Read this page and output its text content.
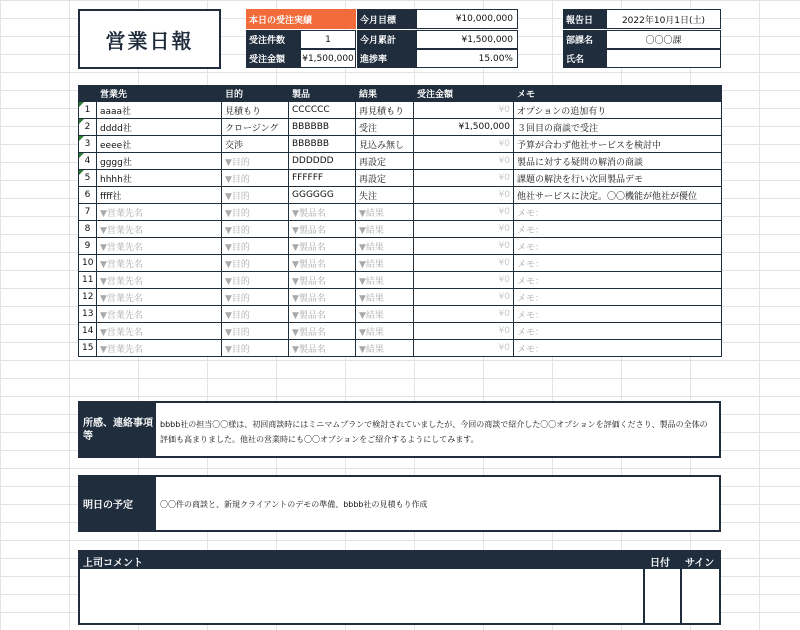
営業日報
本日の受注実績
受注件数	1
受注金額	¥1,500,000
今月目標	¥10,000,000
今月累計	¥1,500,000
進捗率	15.00%
報告日	2022年10月1日(土)
部課名	〇〇〇課
氏名
	営業先	目的	製品	結果	受注金額	メモ
1	aaaa社	見積もり	CCCCCC	再見積もり	¥0	オプションの追加有り
2	dddd社	クロージング	BBBBBB	受注	¥1,500,000	３回目の商談で受注
3	eeee社	交渉	BBBBBB	見込み無し	¥0	予算が合わず他社サービスを検討中
4	gggg社	▼目的	DDDDDD	再設定	¥0	製品に対する疑問の解消の商談
5	hhhh社	▼目的	FFFFFF	再設定	¥0	課題の解決を行い次回製品デモ
6	ffff社	▼目的	GGGGGG	失注	¥0	他社サービスに決定。〇〇機能が他社が優位
7	▼営業先名	▼目的	▼製品名	▼結果	¥0	メモ：
8	▼営業先名	▼目的	▼製品名	▼結果	¥0	メモ：
9	▼営業先名	▼目的	▼製品名	▼結果	¥0	メモ：
10	▼営業先名	▼目的	▼製品名	▼結果	¥0	メモ：
11	▼営業先名	▼目的	▼製品名	▼結果	¥0	メモ：
12	▼営業先名	▼目的	▼製品名	▼結果	¥0	メモ：
13	▼営業先名	▼目的	▼製品名	▼結果	¥0	メモ：
14	▼営業先名	▼目的	▼製品名	▼結果	¥0	メモ：
15	▼営業先名	▼目的	▼製品名	▼結果	¥0	メモ：
所感、連絡事項等
bbbb社の担当〇〇様は、初回商談時にはミニマムプランで検討されていましたが、今回の商談で紹介した〇〇オプションを評価くださり、製品の全体の評価も高まりました。他社の営業時にも〇〇オプションをご紹介するようにしてみます。
明日の予定	〇〇件の商談と、新規クライアントのデモの準備、bbbb社の見積もり作成
上司コメント	日付 サイン
